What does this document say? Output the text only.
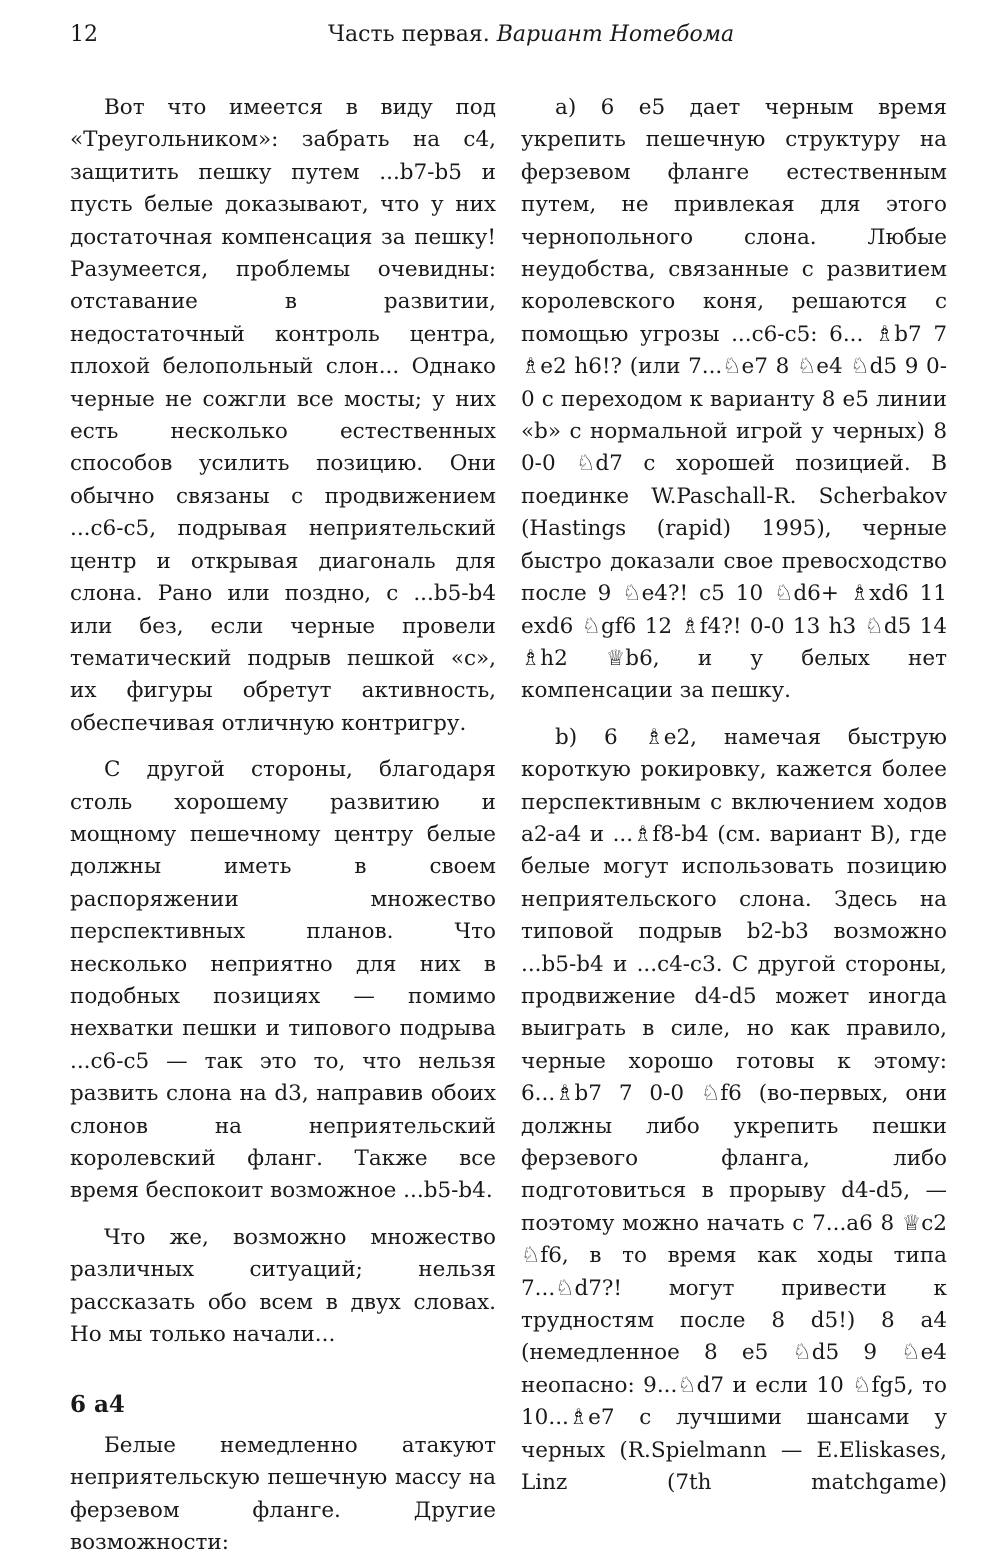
12	Часть первая. Вариант Нотебома

Вот что имеется в виду под «Треугольником»: забрать на с4, защитить пешку путем ...b7-b5 и пусть белые доказывают, что у них достаточная компенсация за пешку! Разумеется, проблемы очевидны: отставание в развитии, недостаточный контроль центра, плохой белопольный слон... Однако черные не сожгли все мосты; у них есть несколько естественных способов усилить позицию. Они обычно связаны с продвижением ...с6-с5, подрывая неприятельский центр и открывая диагональ для слона. Рано или поздно, с ...b5-b4 или без, если черные провели тематический подрыв пешкой «с», их фигуры обретут активность, обеспечивая отличную контригру.

С другой стороны, благодаря столь хорошему развитию и мощному пешечному центру белые должны иметь в своем распоряжении множество перспективных планов. Что несколько неприятно для них в подобных позициях — помимо нехватки пешки и типового подрыва ...с6-с5 — так это то, что нельзя развить слона на d3, направив обоих слонов на неприятельский королевский фланг. Также все время беспокоит возможное ...b5-b4.

Что же, возможно множество различных ситуаций; нельзя рассказать обо всем в двух словах. Но мы только начали...

6 a4

Белые немедленно атакуют неприятельскую пешечную массу на ферзевом фланге. Другие возможности:

а) 6 е5 дает черным время укрепить пешечную структуру на ферзевом фланге естественным путем, не привлекая для этого чернопольного слона. Любые неудобства, связанные с развитием королевского коня, решаются с помощью угрозы ...с6-с5: 6... ♗b7 7 ♗e2 h6!? (или 7...♘e7 8 ♘e4 ♘d5 9 0-0 с переходом к варианту 8 е5 линии «b» с нормальной игрой у черных) 8 0-0 ♘d7 с хорошей позицией. В поединке W.Paschall-R. Scherbakov (Hastings (rapid) 1995), черные быстро доказали свое превосходство после 9 ♘e4?! c5 10 ♘d6+ ♗xd6 11 exd6 ♘gf6 12 ♗f4?! 0-0 13 h3 ♘d5 14 ♗h2 ♕b6, и у белых нет компенсации за пешку.

b) 6 ♗e2, намечая быструю короткую рокировку, кажется более перспективным с включением ходов а2-а4 и ...♗f8-b4 (см. вариант В), где белые могут использовать позицию неприятельского слона. Здесь на типовой подрыв b2-b3 возможно ...b5-b4 и ...с4-с3. С другой стороны, продвижение d4-d5 может иногда выиграть в силе, но как правило, черные хорошо готовы к этому: 6...♗b7 7 0-0 ♘f6 (во-первых, они должны либо укрепить пешки ферзевого фланга, либо подготовиться в прорыву d4-d5, — поэтому можно начать с 7...а6 8 ♕c2 ♘f6, в то время как ходы типа 7...♘d7?! могут привести к трудностям после 8 d5!) 8 а4 (немедленное 8 е5 ♘d5 9 ♘e4 неопасно: 9...♘d7 и если 10 ♘fg5, то 10...♗e7 с лучшими шансами у черных (R.Spielmann — E.Eliskases, Linz (7th matchgame)
